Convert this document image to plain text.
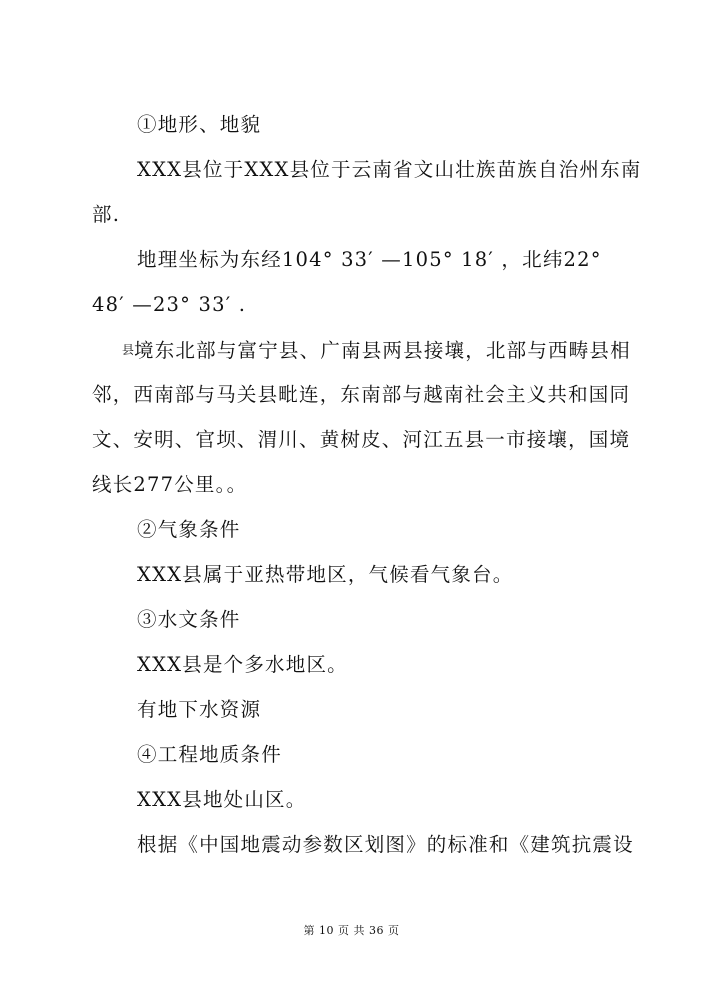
①地形、地貌
XXX县位于XXX县位于云南省文山壮族苗族自治州东南
部.
地理坐标为东经104° 33′ —105° 18′ ，北纬22°
48′ —23° 33′ .
县境东北部与富宁县、广南县两县接壤，北部与西畴县相
邻，西南部与马关县毗连，东南部与越南社会主义共和国同
文、安明、官坝、渭川、黄树皮、河江五县一市接壤，国境
线长277公里。。
②气象条件
XXX县属于亚热带地区，气候看气象台。
③水文条件
XXX县是个多水地区。
有地下水资源
④工程地质条件
XXX县地处山区。
根据《中国地震动参数区划图》的标准和《建筑抗震设
第 10 页 共 36 页
